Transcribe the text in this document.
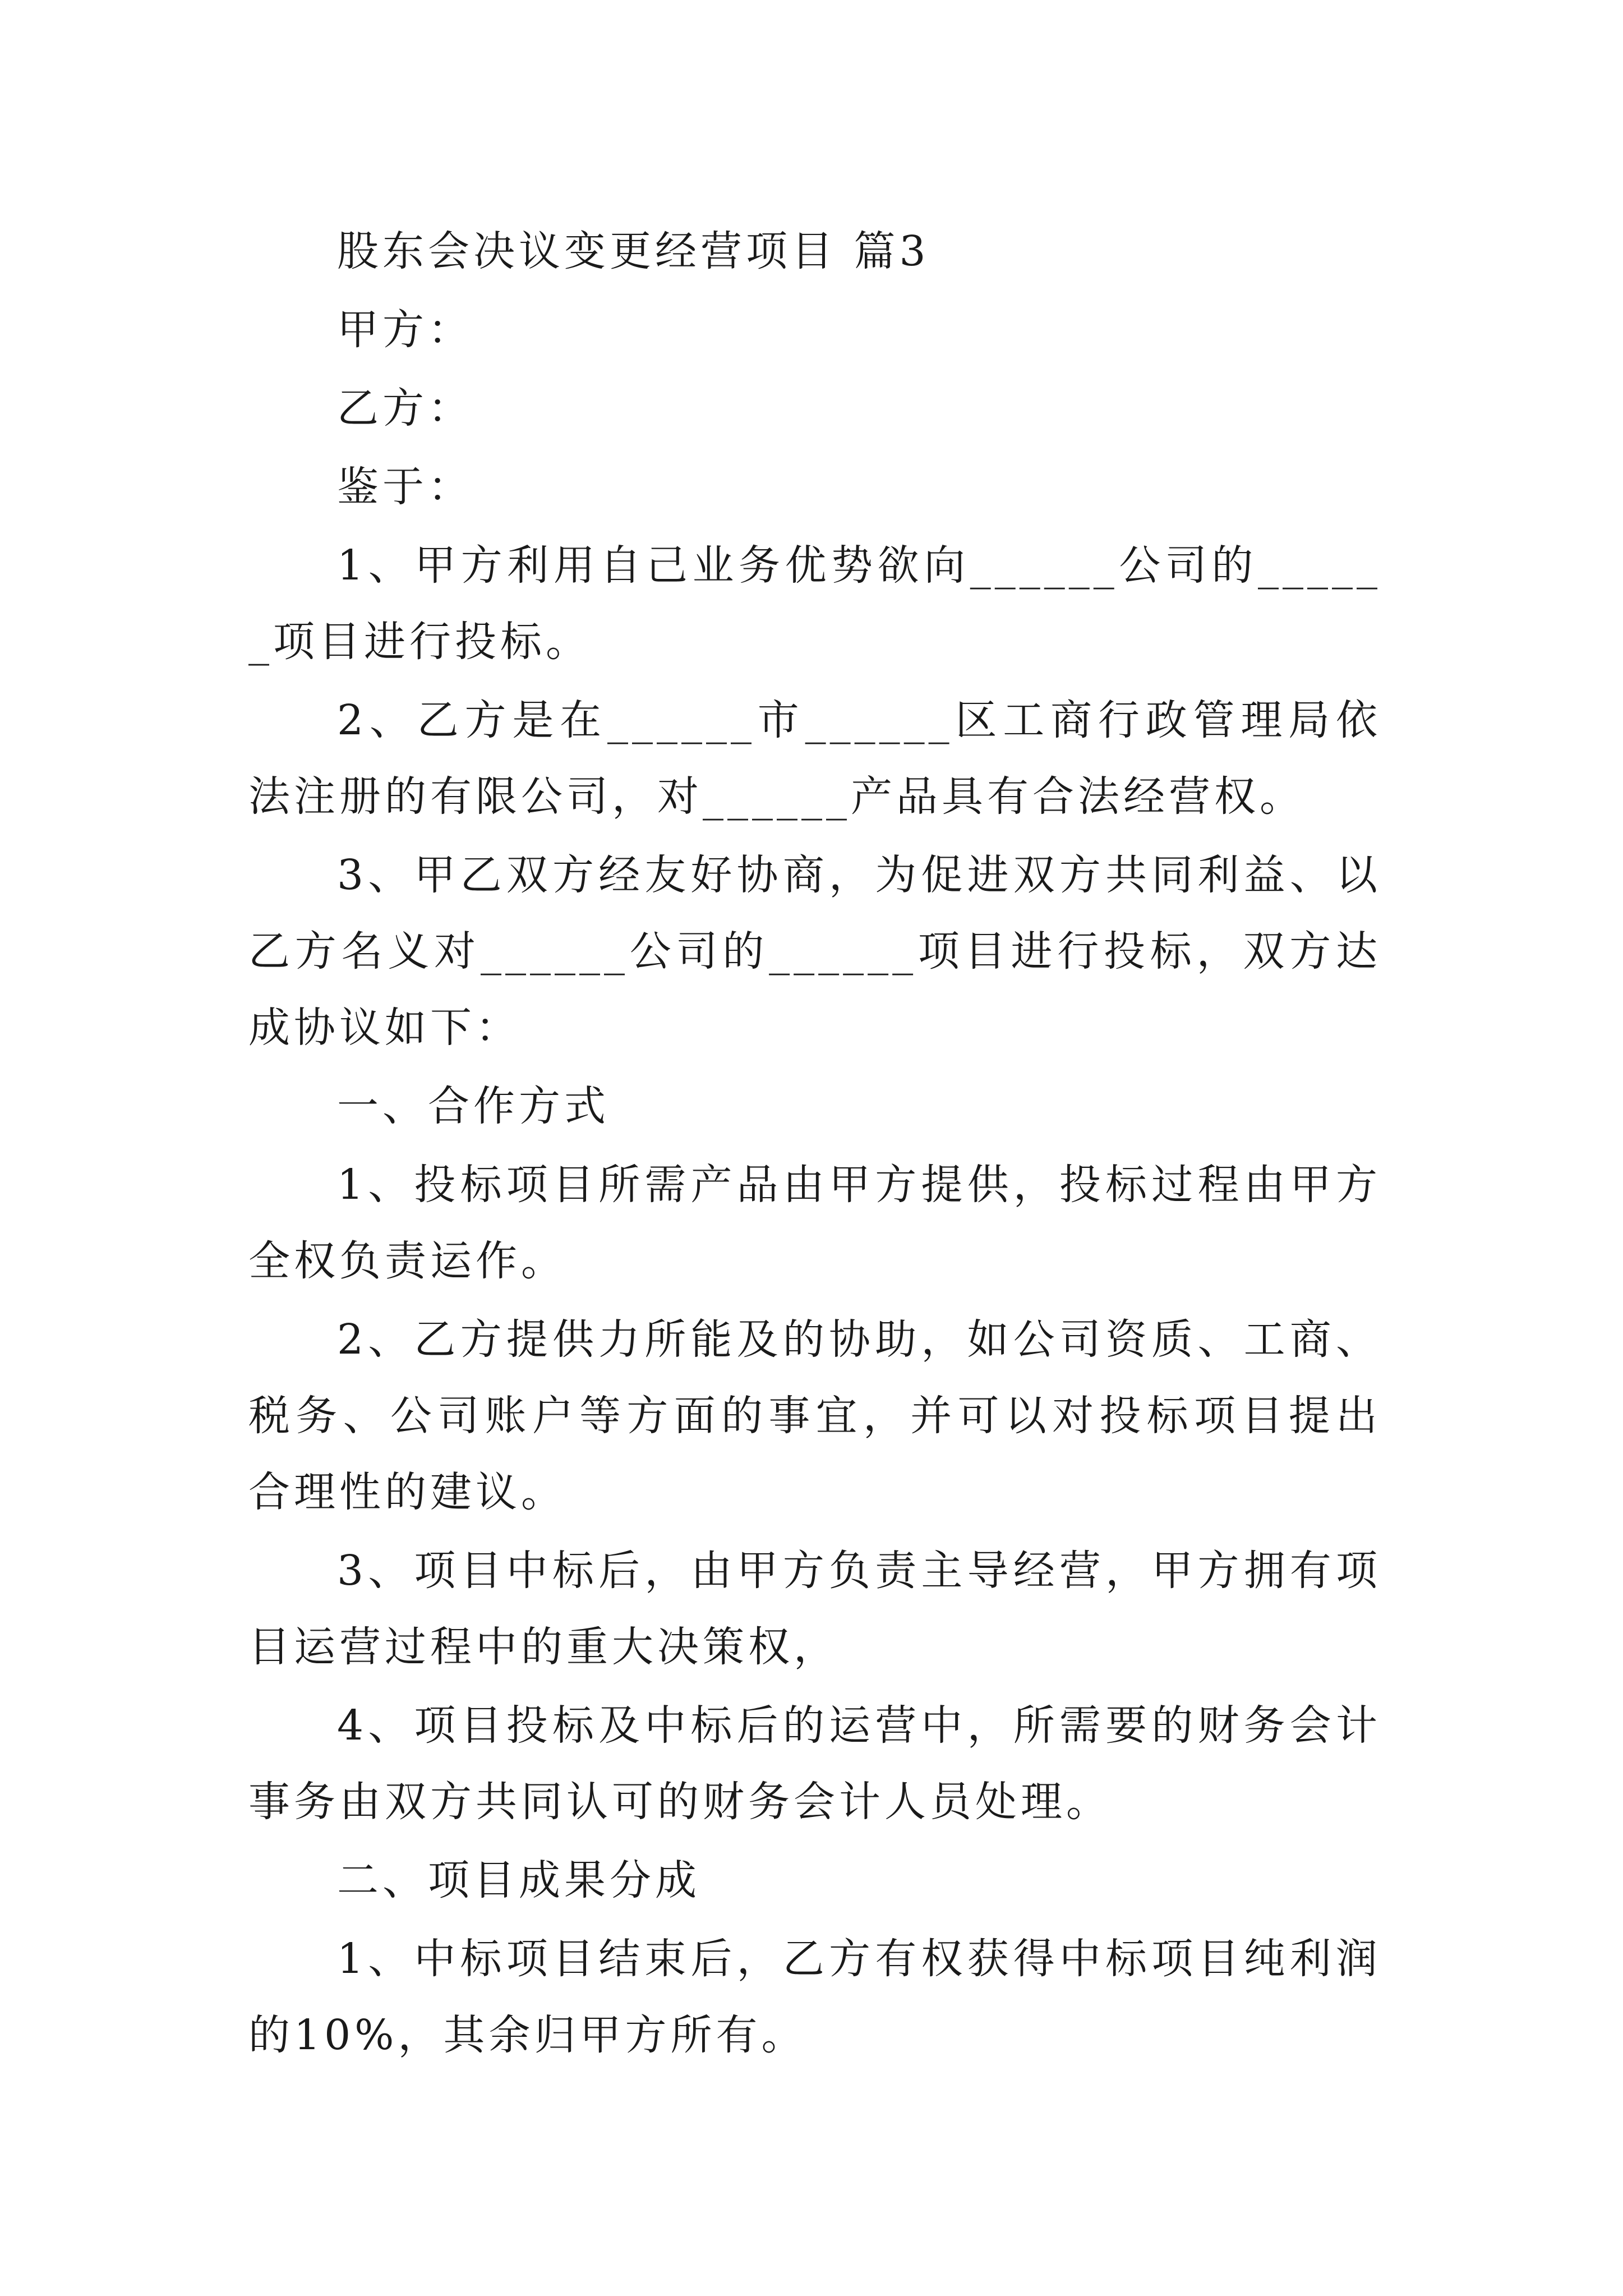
股东会决议变更经营项目 篇3

甲方：

乙方：

鉴于：

1、甲方利用自己业务优势欲向______公司的______项目进行投标。

2、乙方是在______市______区工商行政管理局依法注册的有限公司，对______产品具有合法经营权。

3、甲乙双方经友好协商，为促进双方共同利益、以乙方名义对______公司的______项目进行投标，双方达成协议如下：

一、合作方式

1、投标项目所需产品由甲方提供，投标过程由甲方全权负责运作。

2、乙方提供力所能及的协助，如公司资质、工商、税务、公司账户等方面的事宜，并可以对投标项目提出合理性的建议。

3、项目中标后，由甲方负责主导经营，甲方拥有项目运营过程中的重大决策权，

4、项目投标及中标后的运营中，所需要的财务会计事务由双方共同认可的财务会计人员处理。

二、项目成果分成

1、中标项目结束后，乙方有权获得中标项目纯利润的10%，其余归甲方所有。
